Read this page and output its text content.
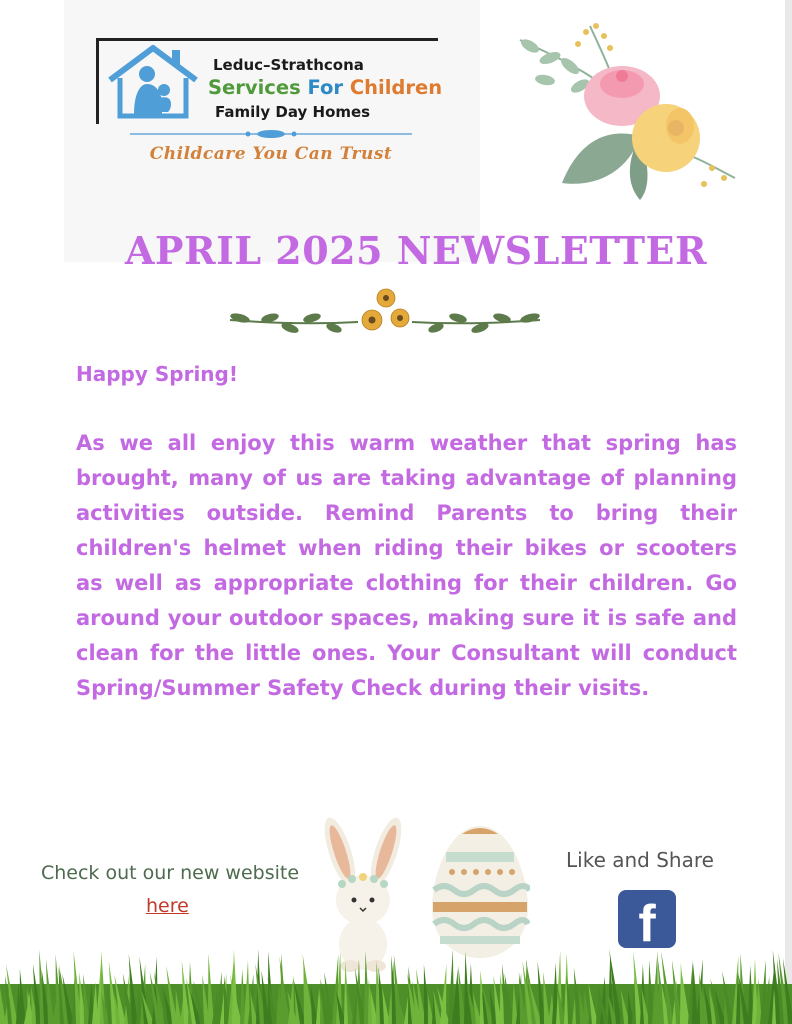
Leduc–Strathcona
Services For Children
Family Day Homes
Childcare You Can Trust
APRIL 2025 NEWSLETTER
Happy Spring!
As we all enjoy this warm weather that spring has brought, many of us are taking advantage of planning activities outside. Remind Parents to bring their children's helmet when riding their bikes or scooters as well as appropriate clothing for their children. Go around your outdoor spaces, making sure it is safe and clean for the little ones. Your Consultant will conduct Spring/Summer Safety Check during their visits.
Check out our new website
here
Like and Share
f
